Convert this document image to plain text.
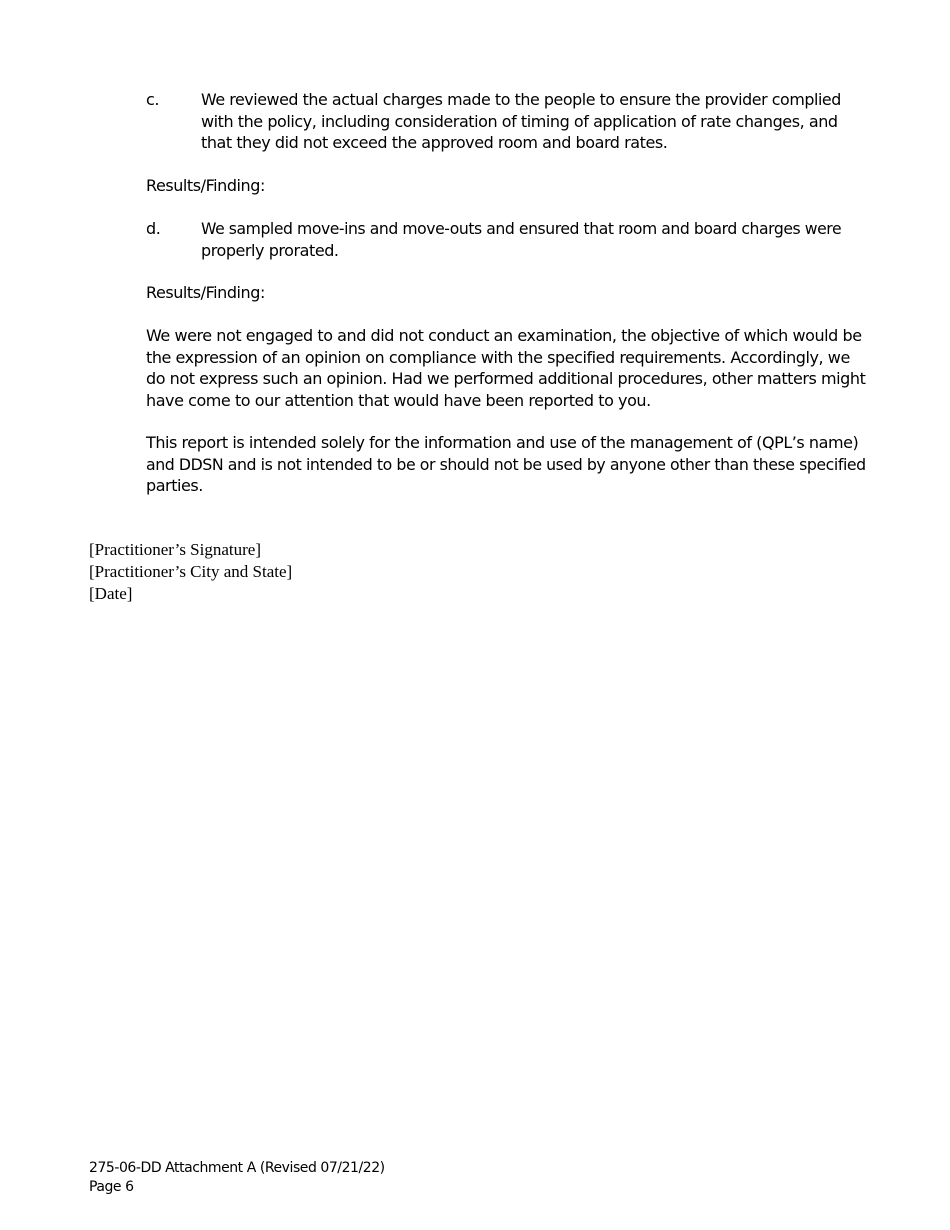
c.	We reviewed the actual charges made to the people to ensure the provider complied
with the policy, including consideration of timing of application of rate changes, and
that they did not exceed the approved room and board rates.
Results/Finding:
d.	We sampled move-ins and move-outs and ensured that room and board charges were
properly prorated.
Results/Finding:
We were not engaged to and did not conduct an examination, the objective of which would be
the expression of an opinion on compliance with the specified requirements. Accordingly, we
do not express such an opinion. Had we performed additional procedures, other matters might
have come to our attention that would have been reported to you.
This report is intended solely for the information and use of the management of (QPL’s name)
and DDSN and is not intended to be or should not be used by anyone other than these specified
parties.
[Practitioner’s Signature]
[Practitioner’s City and State]
[Date]
275-06-DD Attachment A (Revised 07/21/22)
Page 6
